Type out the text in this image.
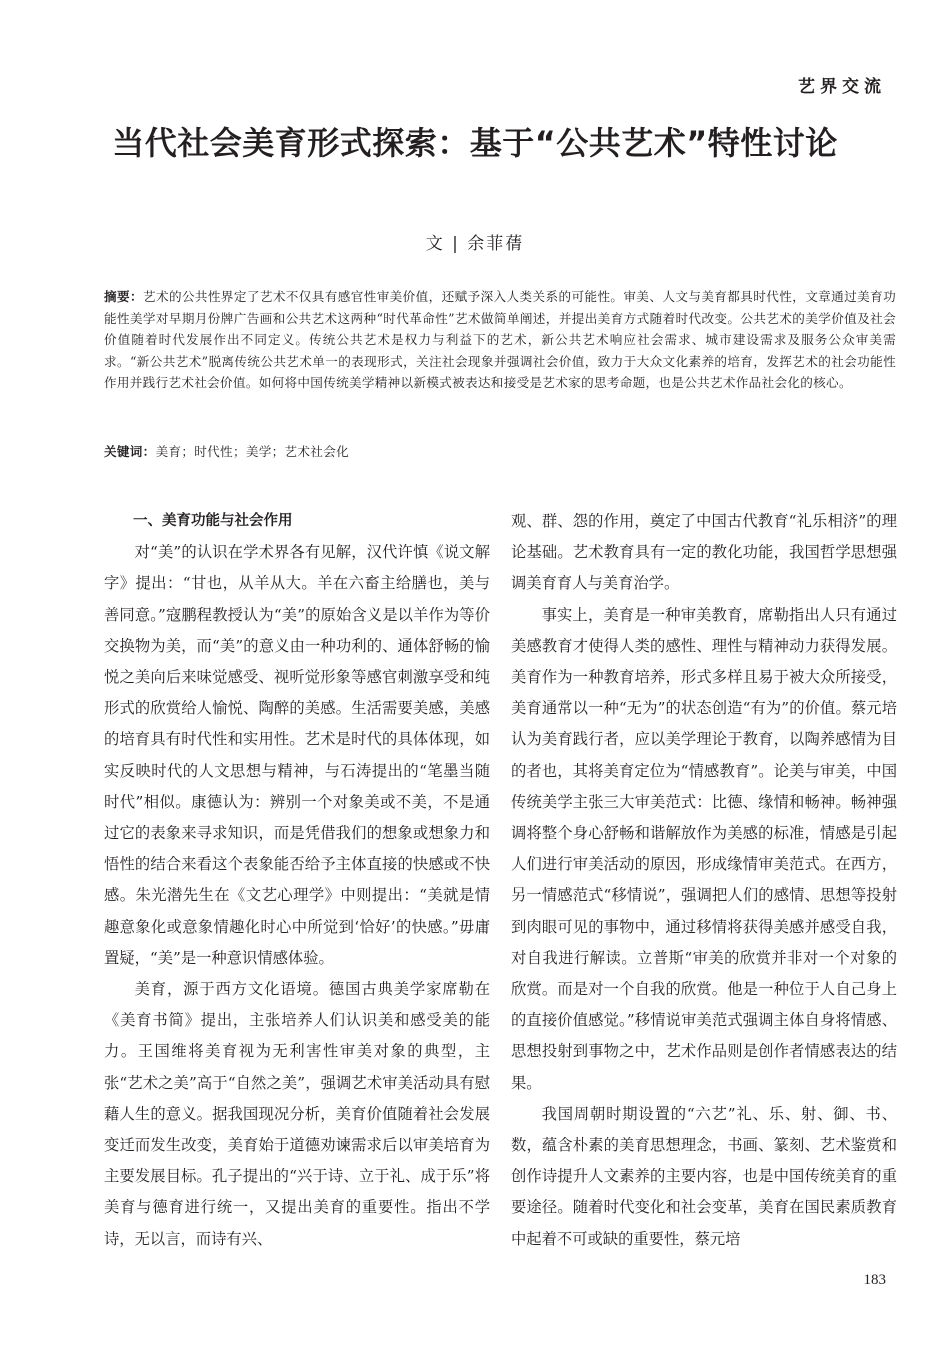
艺界交流
当代社会美育形式探索：基于“公共艺术”特性讨论
文 | 余菲蒨
摘要：艺术的公共性界定了艺术不仅具有感官性审美价值，还赋予深入人类关系的可能性。审美、人文与美育都具时代性，文章通过美育功能性美学对早期月份牌广告画和公共艺术这两种“时代革命性”艺术做简单阐述，并提出美育方式随着时代改变。公共艺术的美学价值及社会价值随着时代发展作出不同定义。传统公共艺术是权力与利益下的艺术，新公共艺术响应社会需求、城市建设需求及服务公众审美需求。“新公共艺术”脱离传统公共艺术单一的表现形式，关注社会现象并强调社会价值，致力于大众文化素养的培育，发挥艺术的社会功能性作用并践行艺术社会价值。如何将中国传统美学精神以新模式被表达和接受是艺术家的思考命题，也是公共艺术作品社会化的核心。
关键词：美育；时代性；美学；艺术社会化
一、美育功能与社会作用

对“美”的认识在学术界各有见解，汉代许慎《说文解字》提出：“甘也，从羊从大。羊在六畜主给膳也，美与善同意。”寇鹏程教授认为“美”的原始含义是以羊作为等价交换物为美，而“美”的意义由一种功利的、通体舒畅的愉悦之美向后来味觉感受、视听觉形象等感官刺激享受和纯形式的欣赏给人愉悦、陶醉的美感。生活需要美感，美感的培育具有时代性和实用性。艺术是时代的具体体现，如实反映时代的人文思想与精神，与石涛提出的“笔墨当随时代”相似。康德认为：辨别一个对象美或不美，不是通过它的表象来寻求知识，而是凭借我们的想象或想象力和悟性的结合来看这个表象能否给予主体直接的快感或不快感。朱光潜先生在《文艺心理学》中则提出：“美就是情趣意象化或意象情趣化时心中所觉到‘恰好’的快感。”毋庸置疑，“美”是一种意识情感体验。

美育，源于西方文化语境。德国古典美学家席勒在《美育书简》提出，主张培养人们认识美和感受美的能力。王国维将美育视为无利害性审美对象的典型，主张“艺术之美”高于“自然之美”，强调艺术审美活动具有慰藉人生的意义。据我国现况分析，美育价值随着社会发展变迁而发生改变，美育始于道德劝谏需求后以审美培育为主要发展目标。孔子提出的“兴于诗、立于礼、成于乐”将美育与德育进行统一，又提出美育的重要性。指出不学诗，无以言，而诗有兴、

观、群、怨的作用，奠定了中国古代教育“礼乐相济”的理论基础。艺术教育具有一定的教化功能，我国哲学思想强调美育育人与美育治学。

事实上，美育是一种审美教育，席勒指出人只有通过美感教育才使得人类的感性、理性与精神动力获得发展。美育作为一种教育培养，形式多样且易于被大众所接受，美育通常以一种“无为”的状态创造“有为”的价值。蔡元培认为美育践行者，应以美学理论于教育，以陶养感情为目的者也，其将美育定位为“情感教育”。论美与审美，中国传统美学主张三大审美范式：比德、缘情和畅神。畅神强调将整个身心舒畅和谐解放作为美感的标准，情感是引起人们进行审美活动的原因，形成缘情审美范式。在西方，另一情感范式“移情说”，强调把人们的感情、思想等投射到肉眼可见的事物中，通过移情将获得美感并感受自我，对自我进行解读。立普斯“审美的欣赏并非对一个对象的欣赏。而是对一个自我的欣赏。他是一种位于人自己身上的直接价值感觉。”移情说审美范式强调主体自身将情感、思想投射到事物之中，艺术作品则是创作者情感表达的结果。

我国周朝时期设置的“六艺”礼、乐、射、御、书、数，蕴含朴素的美育思想理念，书画、篆刻、艺术鉴赏和创作诗提升人文素养的主要内容，也是中国传统美育的重要途径。随着时代变化和社会变革，美育在国民素质教育中起着不可或缺的重要性，蔡元培

183
